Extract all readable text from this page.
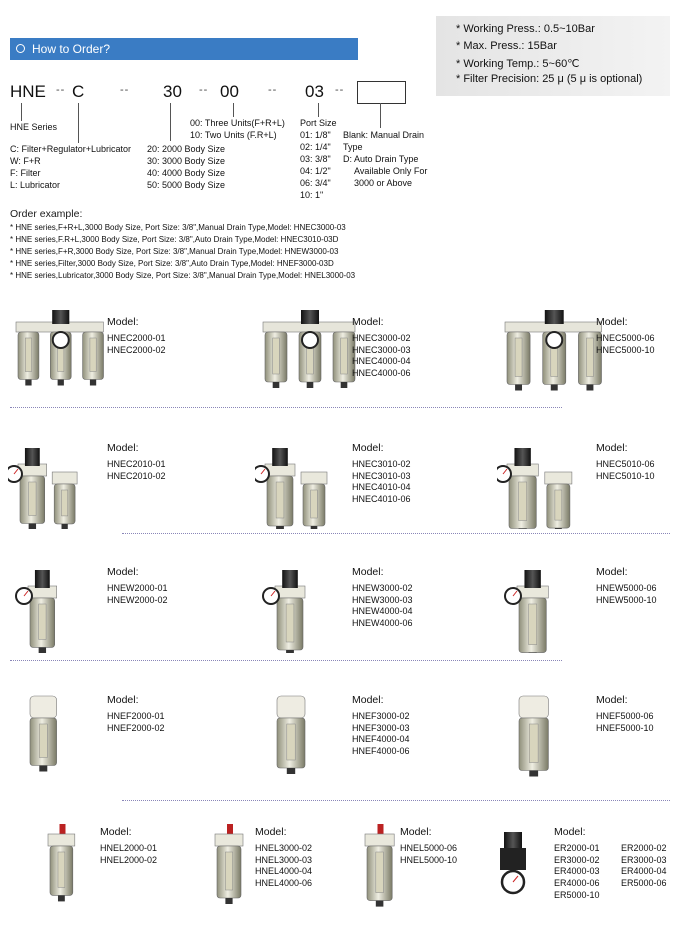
* Working Press.: 0.5~10Bar
* Max. Press.: 15Bar
* Working Temp.: 5~60℃
* Filter Precision: 25 μ (5 μ is optional)
How to Order?
HNE -- C	-- 30 -- 00	-- 03 --
HNE Series
C: Filter+Regulator+Lubricator
W: F+R
F: Filter
L: Lubricator
20: 2000 Body Size
30: 3000 Body Size
40: 4000 Body Size
50: 5000 Body Size
00: Three Units(F+R+L)
10: Two Units (F.R+L)
Port Size
01: 1/8"
02: 1/4"
03: 3/8"
04: 1/2"
06: 3/4"
10: 1"
Blank: Manual Drain
Type
D: Auto Drain Type
Available Only For
3000 or Above
Order example:
* HNE series,F+R+L,3000 Body Size, Port Size: 3/8",Manual Drain Type,Model: HNEC3000-03
* HNE series,F.R+L,3000 Body Size, Port Size: 3/8",Auto Drain Type,Model: HNEC3010-03D
* HNE series,F+R,3000 Body Size, Port Size: 3/8",Manual Drain Type,Model: HNEW3000-03
* HNE series,Filter,3000 Body Size, Port Size: 3/8",Auto Drain Type,Model: HNEF3000-03D
* HNE series,Lubricator,3000 Body Size, Port Size: 3/8",Manual Drain Type,Model: HNEL3000-03
Model:
HNEC2000-01
HNEC2000-02
Model:
HNEC3000-02
HNEC3000-03
HNEC4000-04
HNEC4000-06
Model:
HNEC5000-06
HNEC5000-10
Model:
HNEC2010-01
HNEC2010-02
Model:
HNEC3010-02
HNEC3010-03
HNEC4010-04
HNEC4010-06
Model:
HNEC5010-06
HNEC5010-10
Model:
HNEW2000-01
HNEW2000-02
Model:
HNEW3000-02
HNEW3000-03
HNEW4000-04
HNEW4000-06
Model:
HNEW5000-06
HNEW5000-10
Model:
HNEF2000-01
HNEF2000-02
Model:
HNEF3000-02
HNEF3000-03
HNEF4000-04
HNEF4000-06
Model:
HNEF5000-06
HNEF5000-10
Model:
HNEL2000-01
HNEL2000-02
Model:
HNEL3000-02
HNEL3000-03
HNEL4000-04
HNEL4000-06
Model:
HNEL5000-06
HNEL5000-10
Model:
ER2000-01
ER3000-02
ER4000-03
ER4000-06
ER5000-10
ER2000-02
ER3000-03
ER4000-04
ER5000-06
